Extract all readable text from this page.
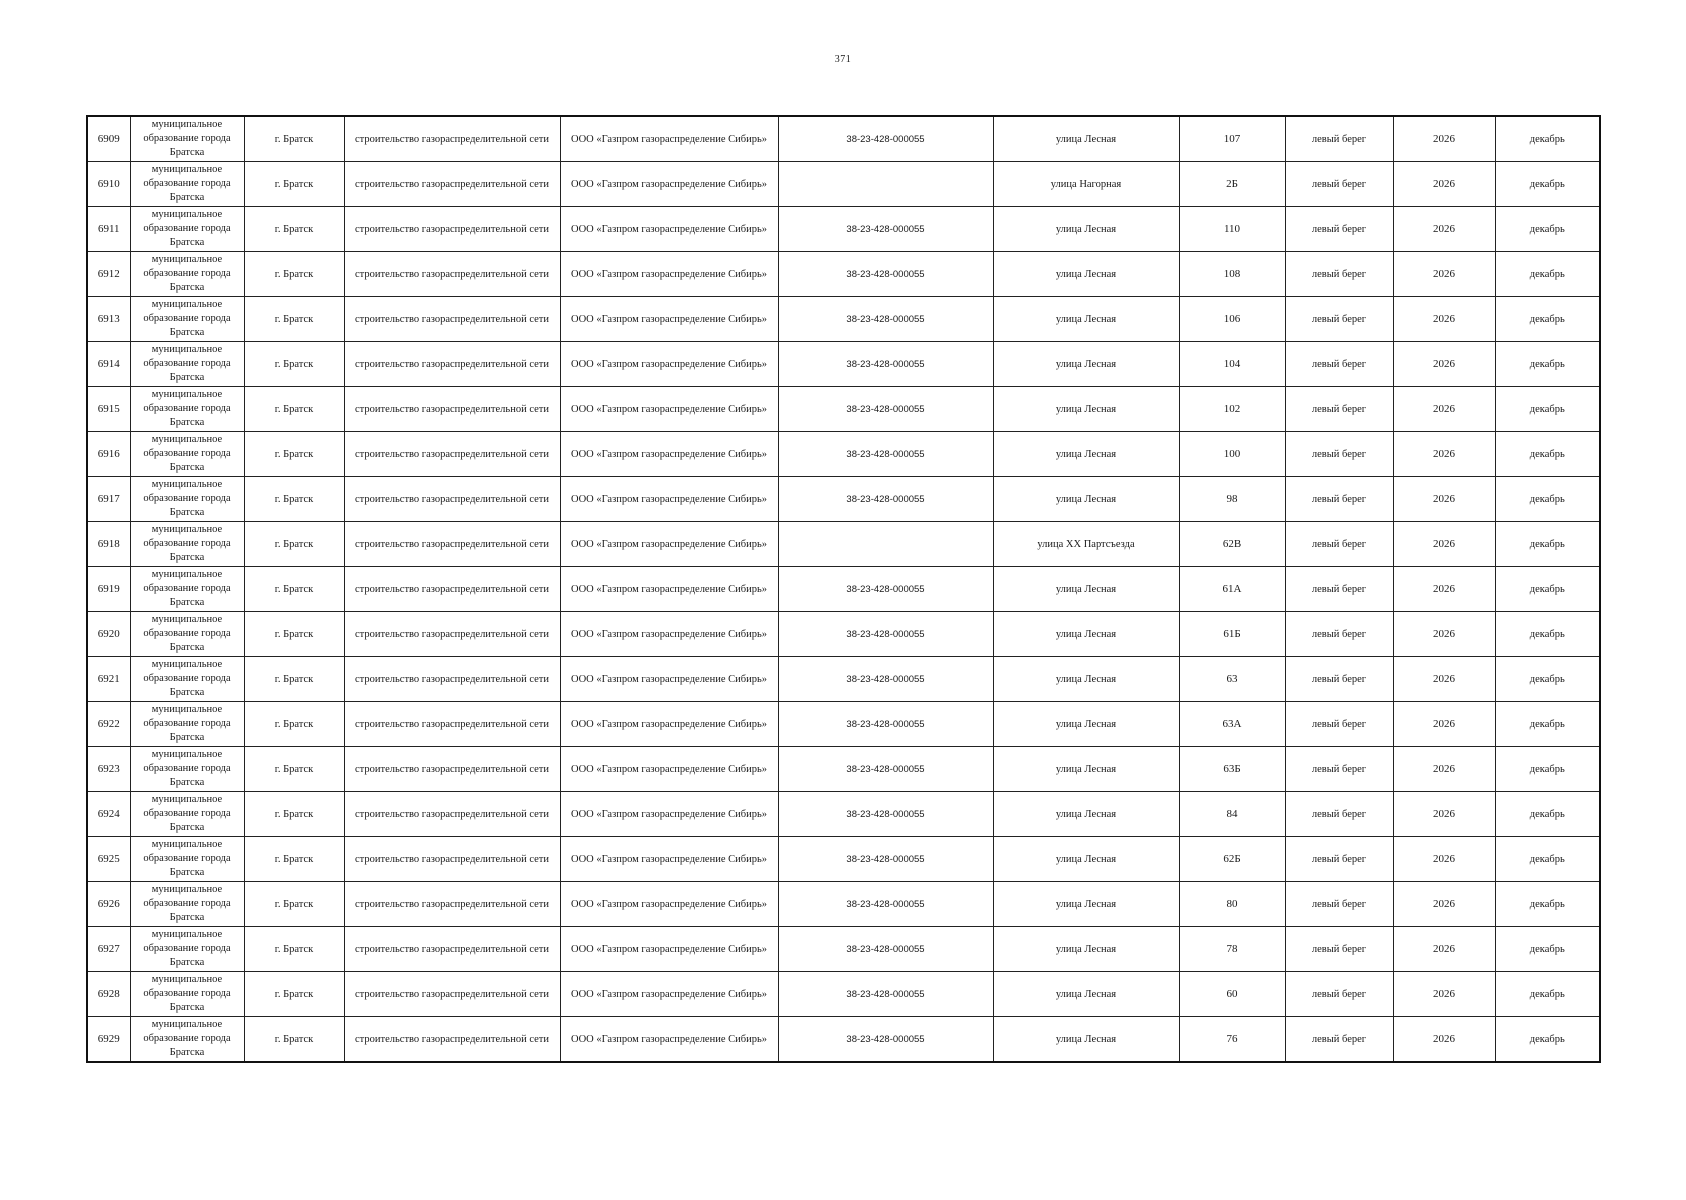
371
6909	муниципальное образование города Братска	г. Братск	строительство газораспределительной сети	ООО «Газпром газораспределение Сибирь»	38-23-428-000055	улица Лесная	107	левый берег	2026	декабрь
6910	муниципальное образование города Братска	г. Братск	строительство газораспределительной сети	ООО «Газпром газораспределение Сибирь»		улица Нагорная	2Б	левый берег	2026	декабрь
6911	муниципальное образование города Братска	г. Братск	строительство газораспределительной сети	ООО «Газпром газораспределение Сибирь»	38-23-428-000055	улица Лесная	110	левый берег	2026	декабрь
6912	муниципальное образование города Братска	г. Братск	строительство газораспределительной сети	ООО «Газпром газораспределение Сибирь»	38-23-428-000055	улица Лесная	108	левый берег	2026	декабрь
6913	муниципальное образование города Братска	г. Братск	строительство газораспределительной сети	ООО «Газпром газораспределение Сибирь»	38-23-428-000055	улица Лесная	106	левый берег	2026	декабрь
6914	муниципальное образование города Братска	г. Братск	строительство газораспределительной сети	ООО «Газпром газораспределение Сибирь»	38-23-428-000055	улица Лесная	104	левый берег	2026	декабрь
6915	муниципальное образование города Братска	г. Братск	строительство газораспределительной сети	ООО «Газпром газораспределение Сибирь»	38-23-428-000055	улица Лесная	102	левый берег	2026	декабрь
6916	муниципальное образование города Братска	г. Братск	строительство газораспределительной сети	ООО «Газпром газораспределение Сибирь»	38-23-428-000055	улица Лесная	100	левый берег	2026	декабрь
6917	муниципальное образование города Братска	г. Братск	строительство газораспределительной сети	ООО «Газпром газораспределение Сибирь»	38-23-428-000055	улица Лесная	98	левый берег	2026	декабрь
6918	муниципальное образование города Братска	г. Братск	строительство газораспределительной сети	ООО «Газпром газораспределение Сибирь»		улица XX Партсъезда	62В	левый берег	2026	декабрь
6919	муниципальное образование города Братска	г. Братск	строительство газораспределительной сети	ООО «Газпром газораспределение Сибирь»	38-23-428-000055	улица Лесная	61А	левый берег	2026	декабрь
6920	муниципальное образование города Братска	г. Братск	строительство газораспределительной сети	ООО «Газпром газораспределение Сибирь»	38-23-428-000055	улица Лесная	61Б	левый берег	2026	декабрь
6921	муниципальное образование города Братска	г. Братск	строительство газораспределительной сети	ООО «Газпром газораспределение Сибирь»	38-23-428-000055	улица Лесная	63	левый берег	2026	декабрь
6922	муниципальное образование города Братска	г. Братск	строительство газораспределительной сети	ООО «Газпром газораспределение Сибирь»	38-23-428-000055	улица Лесная	63А	левый берег	2026	декабрь
6923	муниципальное образование города Братска	г. Братск	строительство газораспределительной сети	ООО «Газпром газораспределение Сибирь»	38-23-428-000055	улица Лесная	63Б	левый берег	2026	декабрь
6924	муниципальное образование города Братска	г. Братск	строительство газораспределительной сети	ООО «Газпром газораспределение Сибирь»	38-23-428-000055	улица Лесная	84	левый берег	2026	декабрь
6925	муниципальное образование города Братска	г. Братск	строительство газораспределительной сети	ООО «Газпром газораспределение Сибирь»	38-23-428-000055	улица Лесная	62Б	левый берег	2026	декабрь
6926	муниципальное образование города Братска	г. Братск	строительство газораспределительной сети	ООО «Газпром газораспределение Сибирь»	38-23-428-000055	улица Лесная	80	левый берег	2026	декабрь
6927	муниципальное образование города Братска	г. Братск	строительство газораспределительной сети	ООО «Газпром газораспределение Сибирь»	38-23-428-000055	улица Лесная	78	левый берег	2026	декабрь
6928	муниципальное образование города Братска	г. Братск	строительство газораспределительной сети	ООО «Газпром газораспределение Сибирь»	38-23-428-000055	улица Лесная	60	левый берег	2026	декабрь
6929	муниципальное образование города Братска	г. Братск	строительство газораспределительной сети	ООО «Газпром газораспределение Сибирь»	38-23-428-000055	улица Лесная	76	левый берег	2026	декабрь
